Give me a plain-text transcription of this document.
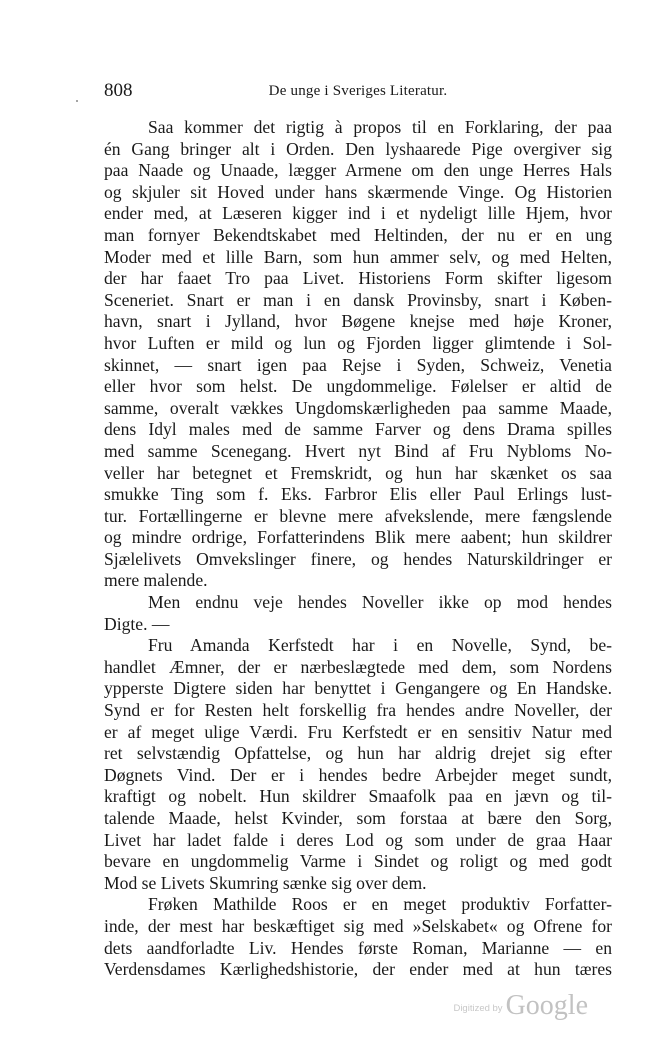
808	De unge i Sveriges Literatur.
Saa kommer det rigtig à propos til en Forklaring, der paa
én Gang bringer alt i Orden. Den lyshaarede Pige overgiver sig
paa Naade og Unaade, lægger Armene om den unge Herres Hals
og skjuler sit Hoved under hans skærmende Vinge. Og Historien
ender med, at Læseren kigger ind i et nydeligt lille Hjem, hvor
man fornyer Bekendtskabet med Heltinden, der nu er en ung
Moder med et lille Barn, som hun ammer selv, og med Helten,
der har faaet Tro paa Livet. Historiens Form skifter ligesom
Sceneriet. Snart er man i en dansk Provinsby, snart i Køben-
havn, snart i Jylland, hvor Bøgene knejse med høje Kroner,
hvor Luften er mild og lun og Fjorden ligger glimtende i Sol-
skinnet, — snart igen paa Rejse i Syden, Schweiz, Venetia
eller hvor som helst. De ungdommelige. Følelser er altid de
samme, overalt vækkes Ungdomskærligheden paa samme Maade,
dens Idyl males med de samme Farver og dens Drama spilles
med samme Scenegang. Hvert nyt Bind af Fru Nybloms No-
veller har betegnet et Fremskridt, og hun har skænket os saa
smukke Ting som f. Eks. Farbror Elis eller Paul Erlings lust-
tur. Fortællingerne er blevne mere afvekslende, mere fængslende
og mindre ordrige, Forfatterindens Blik mere aabent; hun skildrer
Sjælelivets Omvekslinger finere, og hendes Naturskildringer er
mere malende.
Men endnu veje hendes Noveller ikke op mod hendes
Digte. —
Fru Amanda Kerfstedt har i en Novelle, Synd, be-
handlet Æmner, der er nærbeslægtede med dem, som Nordens
ypperste Digtere siden har benyttet i Gengangere og En Handske.
Synd er for Resten helt forskellig fra hendes andre Noveller, der
er af meget ulige Værdi. Fru Kerfstedt er en sensitiv Natur med
ret selvstændig Opfattelse, og hun har aldrig drejet sig efter
Døgnets Vind. Der er i hendes bedre Arbejder meget sundt,
kraftigt og nobelt. Hun skildrer Smaafolk paa en jævn og til-
talende Maade, helst Kvinder, som forstaa at bære den Sorg,
Livet har ladet falde i deres Lod og som under de graa Haar
bevare en ungdommelig Varme i Sindet og roligt og med godt
Mod se Livets Skumring sænke sig over dem.
Frøken Mathilde Roos er en meget produktiv Forfatter-
inde, der mest har beskæftiget sig med »Selskabet« og Ofrene for
dets aandforladte Liv. Hendes første Roman, Marianne — en
Verdensdames Kærlighedshistorie, der ender med at hun tæres
Digitized by Google
